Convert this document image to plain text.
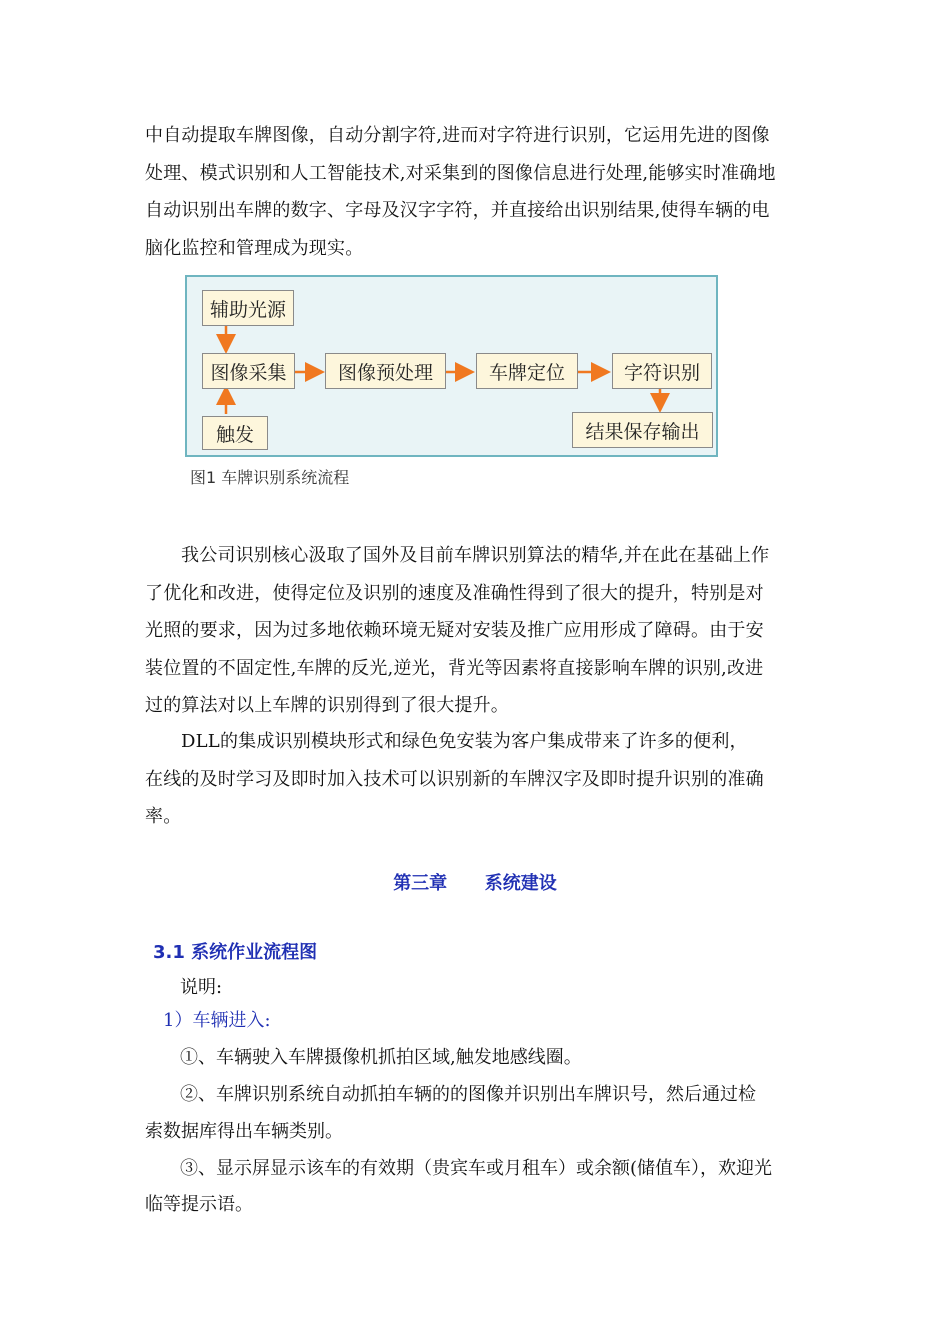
中自动提取车牌图像，自动分割字符,进而对字符进行识别，它运用先进的图像
处理、模式识别和人工智能技术,对采集到的图像信息进行处理,能够实时准确地
自动识别出车牌的数字、字母及汉字字符，并直接给出识别结果,使得车辆的电
脑化监控和管理成为现实。

辅助光源
图像采集
触发
图像预处理	车牌定位	字符识别
结果保存输出
图1 车牌识别系统流程

我公司识别核心汲取了国外及目前车牌识别算法的精华,并在此在基础上作
了优化和改进，使得定位及识别的速度及准确性得到了很大的提升，特别是对
光照的要求，因为过多地依赖环境无疑对安装及推广应用形成了障碍。由于安
装位置的不固定性,车牌的反光,逆光，背光等因素将直接影响车牌的识别,改进
过的算法对以上车牌的识别得到了很大提升。

DLL的集成识别模块形式和绿色免安装为客户集成带来了许多的便利，
在线的及时学习及即时加入技术可以识别新的车牌汉字及即时提升识别的准确
率。

第三章      系统建设
3.1 系统作业流程图
说明:
1）车辆进入:
①、车辆驶入车牌摄像机抓拍区域,触发地感线圈。
②、车牌识别系统自动抓拍车辆的的图像并识别出车牌识号，然后通过检
索数据库得出车辆类别。
③、显示屏显示该车的有效期（贵宾车或月租车）或余额(储值车），欢迎光
临等提示语。
